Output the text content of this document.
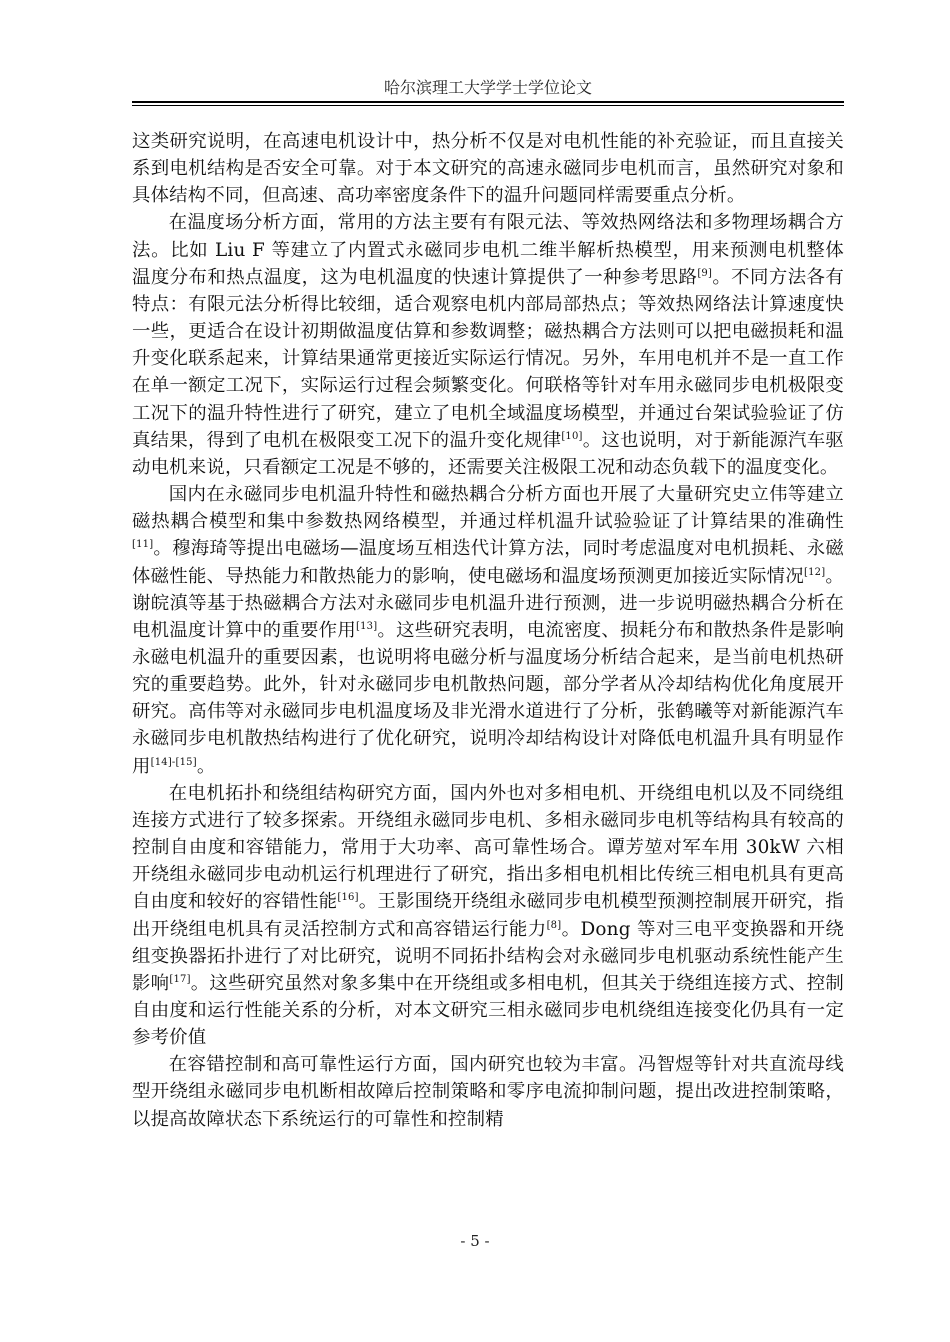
哈尔滨理工大学学士学位论文

这类研究说明，在高速电机设计中，热分析不仅是对电机性能的补充验证，而且直接关系到电机结构是否安全可靠。对于本文研究的高速永磁同步电机而言，虽然研究对象和具体结构不同，但高速、高功率密度条件下的温升问题同样需要重点分析。

在温度场分析方面，常用的方法主要有有限元法、等效热网络法和多物理场耦合方法。比如 Liu F 等建立了内置式永磁同步电机二维半解析热模型，用来预测电机整体温度分布和热点温度，这为电机温度的快速计算提供了一种参考思路[9]。不同方法各有特点：有限元法分析得比较细，适合观察电机内部局部热点；等效热网络法计算速度快一些，更适合在设计初期做温度估算和参数调整；磁热耦合方法则可以把电磁损耗和温升变化联系起来，计算结果通常更接近实际运行情况。另外，车用电机并不是一直工作在单一额定工况下，实际运行过程会频繁变化。何联格等针对车用永磁同步电机极限变工况下的温升特性进行了研究，建立了电机全域温度场模型，并通过台架试验验证了仿真结果，得到了电机在极限变工况下的温升变化规律[10]。这也说明，对于新能源汽车驱动电机来说，只看额定工况是不够的，还需要关注极限工况和动态负载下的温度变化。

国内在永磁同步电机温升特性和磁热耦合分析方面也开展了大量研究史立伟等建立磁热耦合模型和集中参数热网络模型，并通过样机温升试验验证了计算结果的准确性[11]。穆海琦等提出电磁场—温度场互相迭代计算方法，同时考虑温度对电机损耗、永磁体磁性能、导热能力和散热能力的影响，使电磁场和温度场预测更加接近实际情况[12]。谢皖滇等基于热磁耦合方法对永磁同步电机温升进行预测，进一步说明磁热耦合分析在电机温度计算中的重要作用[13]。这些研究表明，电流密度、损耗分布和散热条件是影响永磁电机温升的重要因素，也说明将电磁分析与温度场分析结合起来，是当前电机热研究的重要趋势。此外，针对永磁同步电机散热问题，部分学者从冷却结构优化角度展开研究。高伟等对永磁同步电机温度场及非光滑水道进行了分析，张鹤曦等对新能源汽车永磁同步电机散热结构进行了优化研究，说明冷却结构设计对降低电机温升具有明显作用[14]-[15]。

在电机拓扑和绕组结构研究方面，国内外也对多相电机、开绕组电机以及不同绕组连接方式进行了较多探索。开绕组永磁同步电机、多相永磁同步电机等结构具有较高的控制自由度和容错能力，常用于大功率、高可靠性场合。谭芳堃对军车用 30kW 六相开绕组永磁同步电动机运行机理进行了研究，指出多相电机相比传统三相电机具有更高自由度和较好的容错性能[16]。王影围绕开绕组永磁同步电机模型预测控制展开研究，指出开绕组电机具有灵活控制方式和高容错运行能力[8]。Dong 等对三电平变换器和开绕组变换器拓扑进行了对比研究，说明不同拓扑结构会对永磁同步电机驱动系统性能产生影响[17]。这些研究虽然对象多集中在开绕组或多相电机，但其关于绕组连接方式、控制自由度和运行性能关系的分析，对本文研究三相永磁同步电机绕组连接变化仍具有一定参考价值

在容错控制和高可靠性运行方面，国内研究也较为丰富。冯智煜等针对共直流母线型开绕组永磁同步电机断相故障后控制策略和零序电流抑制问题，提出改进控制策略，以提高故障状态下系统运行的可靠性和控制精

- 5 -
